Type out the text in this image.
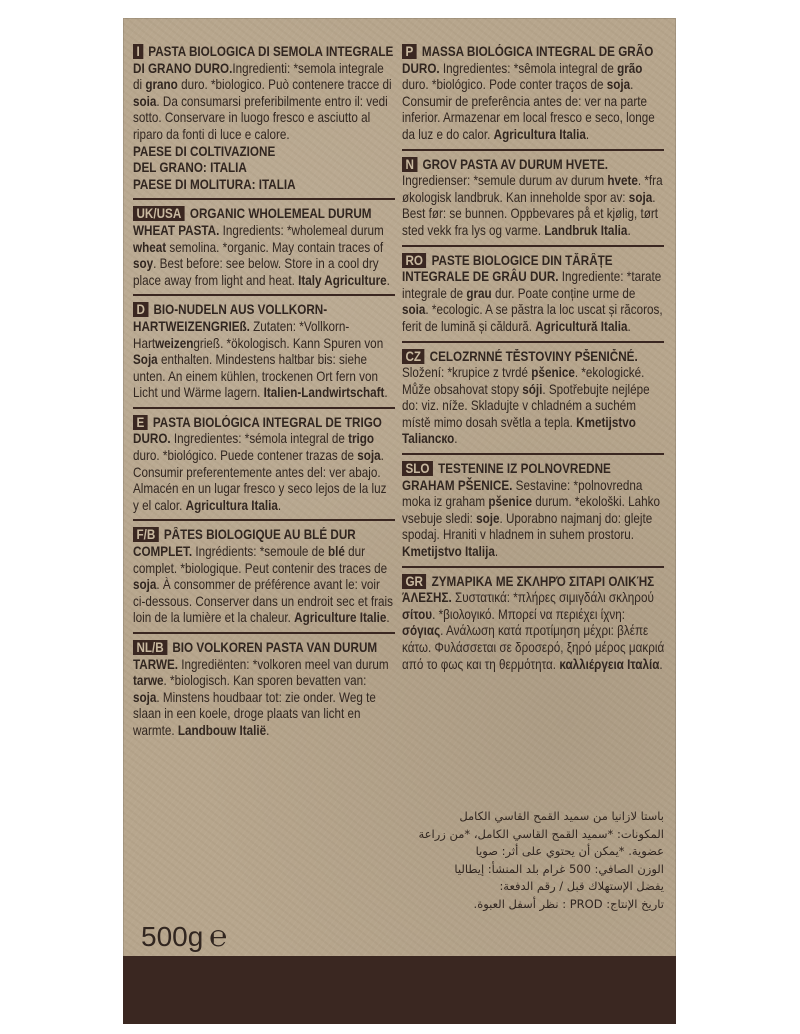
I PASTA BIOLOGICA DI SEMOLA INTEGRALE DI GRANO DURO.Ingredienti: *semola integrale di grano duro. *biologico. Può contenere tracce di soia. Da consumarsi preferibilmente entro il: vedi sotto. Conservare in luogo fresco e asciutto al riparo da fonti di luce e calore.
PAESE DI COLTIVAZIONE
DEL GRANO: ITALIA
PAESE DI MOLITURA: ITALIA
UK/USA ORGANIC WHOLEMEAL DURUM WHEAT PASTA. Ingredients: *wholemeal durum wheat semolina. *organic. May contain traces of soy. Best before: see below. Store in a cool dry place away from light and heat. Italy Agriculture.
D BIO-NUDELN AUS VOLLKORN-HARTWEIZENGRIEß. Zutaten: *Vollkorn-Hartweizengrieß. *ökologisch. Kann Spuren von Soja enthalten. Mindestens haltbar bis: siehe unten. An einem kühlen, trockenen Ort fern von Licht und Wärme lagern. Italien-Landwirtschaft.
E PASTA BIOLÓGICA INTEGRAL DE TRIGO DURO. Ingredientes: *sémola integral de trigo duro. *biológico. Puede contener trazas de soja. Consumir preferentemente antes del: ver abajo. Almacén en un lugar fresco y seco lejos de la luz y el calor. Agricultura Italia.
F/B PÂTES BIOLOGIQUE AU BLÉ DUR COMPLET. Ingrédients: *semoule de blé dur complet. *biologique. Peut contenir des traces de soja. À consommer de préférence avant le: voir ci-dessous. Conserver dans un endroit sec et frais loin de la lumière et la chaleur. Agriculture Italie.
NL/B BIO VOLKOREN PASTA VAN DURUM TARWE. Ingrediënten: *volkoren meel van durum tarwe. *biologisch. Kan sporen bevatten van: soja. Minstens houdbaar tot: zie onder. Weg te slaan in een koele, droge plaats van licht en warmte. Landbouw Italië.
P MASSA BIOLÓGICA INTEGRAL DE GRÃO DURO. Ingredientes: *sêmola integral de grão duro. *biológico. Pode conter traços de soja. Consumir de preferência antes de: ver na parte inferior. Armazenar em local fresco e seco, longe da luz e do calor. Agricultura Italia.
N GROV PASTA AV DURUM HVETE. Ingredienser: *semule durum av durum hvete. *fra økologisk landbruk. Kan inneholde spor av: soja. Best før: se bunnen. Oppbevares på et kjølig, tørt sted vekk fra lys og varme. Landbruk Italia.
RO PASTE BIOLOGICE DIN TĂRÂȚE INTEGRALE DE GRÂU DUR. Ingrediente: *tarate integrale de grau dur. Poate conține urme de soia. *ecologic. A se păstra la loc uscat și răcoros, ferit de lumină și căldură. Agricultură Italia.
CZ CELOZRNNÉ TĚSTOVINY PŠENIČNÉ. Složení: *krupice z tvrdé pšenice. *ekologické. Může obsahovat stopy sóji. Spotřebujte nejlépe do: viz. níže. Skladujte v chladném a suchém místě mimo dosah světla a tepla. Kmetijstvo Talianско.
SLO TESTENINE IZ POLNOVREDNE GRAHAM PŠENICE. Sestavine: *polnovredna moka iz graham pšenice durum. *ekološki. Lahko vsebuje sledi: soje. Uporabno najmanj do: glejte spodaj. Hraniti v hladnem in suhem prostoru. Kmetijstvo Italija.
GR ΖΥΜΑΡΙΚΑ ΜΕ ΣΚΛΗΡΌ ΣΙΤΑΡΙ ΟΛΙΚΉΣ ΆΛΕΣΗΣ. Συστατικά: *πλήρες σιμιγδάλι σκληρού σίτου. *βιολογικό. Μπορεί να περιέχει ίχνη: σόγιας. Ανάλωση κατά προτίμηση μέχρι: βλέπε κάτω. Φυλάσσεται σε δροσερό, ξηρό μέρος μακριά από το φως και τη θερμότητα. καλλιέργεια Ιταλία.
باستا لازانيا من سميد القمح القاسي الكامل
المكونات: *سميد القمح القاسي الكامل، *من زراعة
عضوية. *يمكن أن يحتوي على أثر: صويا
الوزن الصافي: 500 غرام بلد المنشأ: إيطاليا
يفضل الإستهلاك قبل / رقم الدفعة:
تاريخ الإنتاج: PROD : نظر أسفل العبوة.
500g ℮
